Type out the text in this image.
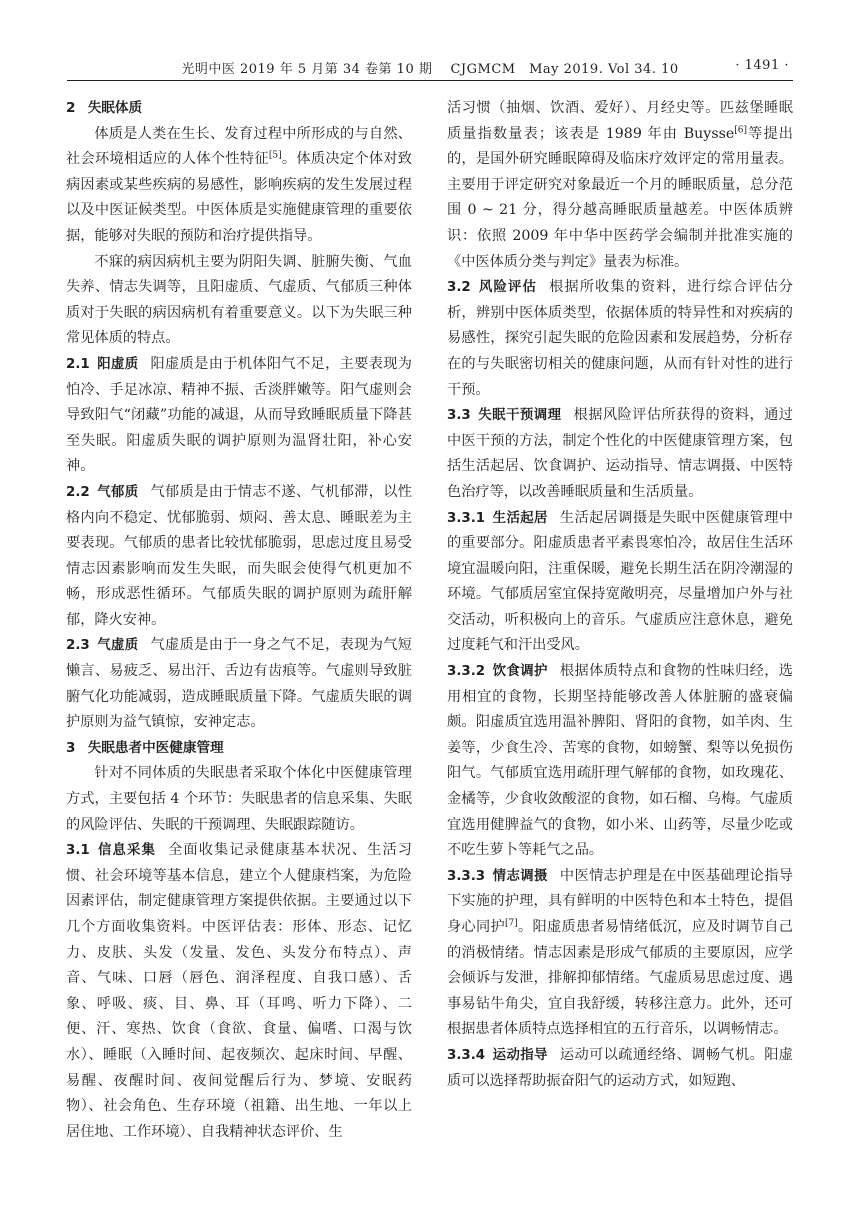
光明中医 2019 年 5 月第 34 卷第 10 期　 CJGMCM　May 2019. Vol 34. 10	· 1491 ·

2 失眠体质

体质是人类在生长、发育过程中所形成的与自然、社会环境相适应的人体个性特征[5]。体质决定个体对致病因素或某些疾病的易感性，影响疾病的发生发展过程以及中医证候类型。中医体质是实施健康管理的重要依据，能够对失眠的预防和治疗提供指导。

不寐的病因病机主要为阴阳失调、脏腑失衡、气血失养、情志失调等，且阳虚质、气虚质、气郁质三种体质对于失眠的病因病机有着重要意义。以下为失眠三种常见体质的特点。

2.1  阳虚质 阳虚质是由于机体阳气不足，主要表现为怕冷、手足冰凉、精神不振、舌淡胖嫩等。阳气虚则会导致阳气“闭藏”功能的减退，从而导致睡眠质量下降甚至失眠。阳虚质失眠的调护原则为温肾壮阳，补心安神。

2.2  气郁质 气郁质是由于情志不遂、气机郁滞，以性格内向不稳定、忧郁脆弱、烦闷、善太息、睡眠差为主要表现。气郁质的患者比较忧郁脆弱，思虑过度且易受情志因素影响而发生失眠，而失眠会使得气机更加不畅，形成恶性循环。气郁质失眠的调护原则为疏肝解郁，降火安神。

2.3  气虚质 气虚质是由于一身之气不足，表现为气短懒言、易疲乏、易出汗、舌边有齿痕等。气虚则导致脏腑气化功能减弱，造成睡眠质量下降。气虚质失眠的调护原则为益气镇惊，安神定志。

3 失眠患者中医健康管理

针对不同体质的失眠患者采取个体化中医健康管理方式，主要包括 4 个环节：失眠患者的信息采集、失眠的风险评估、失眠的干预调理、失眠跟踪随访。

3.1  信息采集 全面收集记录健康基本状况、生活习惯、社会环境等基本信息，建立个人健康档案，为危险因素评估，制定健康管理方案提供依据。主要通过以下几个方面收集资料。中医评估表：形体、形态、记忆力、皮肤、头发（发量、发色、头发分布特点）、声音、气味、口唇（唇色、润泽程度、自我口感）、舌象、呼吸、痰、目、鼻、耳（耳鸣、听力下降）、二便、汗、寒热、饮食（食欲、食量、偏嗜、口渴与饮水）、睡眠（入睡时间、起夜频次、起床时间、早醒、易醒、夜醒时间、夜间觉醒后行为、梦境、安眠药物）、社会角色、生存环境（祖籍、出生地、一年以上居住地、工作环境）、自我精神状态评价、生

活习惯（抽烟、饮酒、爱好）、月经史等。匹兹堡睡眠质量指数量表；该表是 1989 年由 Buysse[6]等提出的，是国外研究睡眠障碍及临床疗效评定的常用量表。主要用于评定研究对象最近一个月的睡眠质量，总分范围 0 ~ 21 分，得分越高睡眠质量越差。中医体质辨识：依照 2009 年中华中医药学会编制并批准实施的《中医体质分类与判定》量表为标准。

3.2  风险评估 根据所收集的资料，进行综合评估分析，辨别中医体质类型，依据体质的特异性和对疾病的易感性，探究引起失眠的危险因素和发展趋势，分析存在的与失眠密切相关的健康问题，从而有针对性的进行干预。

3.3  失眠干预调理 根据风险评估所获得的资料，通过中医干预的方法，制定个性化的中医健康管理方案，包括生活起居、饮食调护、运动指导、情志调摄、中医特色治疗等，以改善睡眠质量和生活质量。

3.3.1  生活起居 生活起居调摄是失眠中医健康管理中的重要部分。阳虚质患者平素畏寒怕冷，故居住生活环境宜温暖向阳，注重保暖，避免长期生活在阴冷潮湿的环境。气郁质居室宜保持宽敞明亮，尽量增加户外与社交活动，听积极向上的音乐。气虚质应注意休息，避免过度耗气和汗出受风。

3.3.2  饮食调护 根据体质特点和食物的性味归经，选用相宜的食物，长期坚持能够改善人体脏腑的盛衰偏颇。阳虚质宜选用温补脾阳、肾阳的食物，如羊肉、生姜等，少食生冷、苦寒的食物，如螃蟹、梨等以免损伤阳气。气郁质宜选用疏肝理气解郁的食物，如玫瑰花、金橘等，少食收敛酸涩的食物，如石榴、乌梅。气虚质宜选用健脾益气的食物，如小米、山药等，尽量少吃或不吃生萝卜等耗气之品。

3.3.3  情志调摄 中医情志护理是在中医基础理论指导下实施的护理，具有鲜明的中医特色和本土特色，提倡身心同护[7]。阳虚质患者易情绪低沉，应及时调节自己的消极情绪。情志因素是形成气郁质的主要原因，应学会倾诉与发泄，排解抑郁情绪。气虚质易思虑过度、遇事易钻牛角尖，宜自我舒缓，转移注意力。此外，还可根据患者体质特点选择相宜的五行音乐，以调畅情志。

3.3.4  运动指导 运动可以疏通经络、调畅气机。阳虚质可以选择帮助振奋阳气的运动方式，如短跑、
